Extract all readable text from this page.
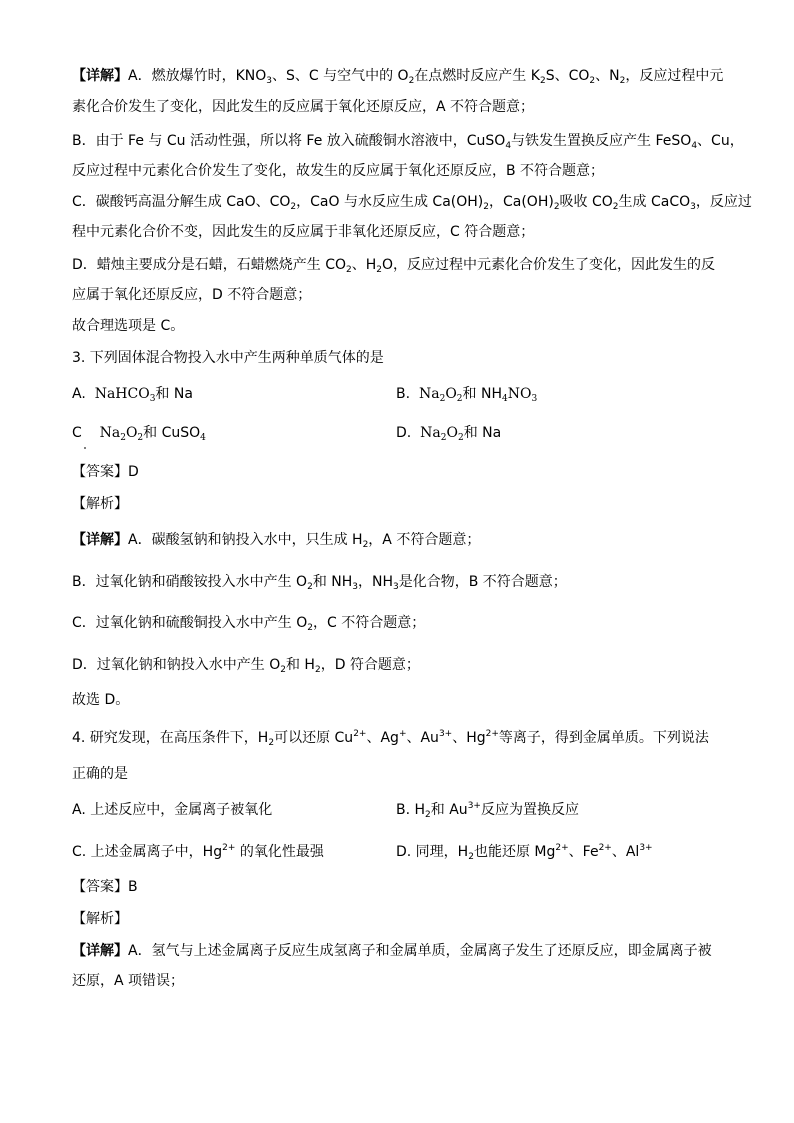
【详解】A．燃放爆竹时，$KNO_3$、S、C 与空气中的 $O_2$在点燃时反应产生 $K_2S$、$CO_2$、$N_2$，反应过程中元
素化合价发生了变化，因此发生的反应属于氧化还原反应，A 不符合题意；
B．由于 Fe 与 Cu 活动性强，所以将 Fe 放入硫酸铜水溶液中，CuSO$_4$与铁发生置换反应产生 FeSO$_4$、Cu，
反应过程中元素化合价发生了变化，故发生的反应属于氧化还原反应，B 不符合题意；
C．碳酸钙高温分解生成 CaO、$CO_2$，CaO 与水反应生成 $Ca(OH)_2$，$Ca(OH)_2$吸收 $CO_2$生成 CaCO$_3$，反应过
程中元素化合价不变，因此发生的反应属于非氧化还原反应，C 符合题意；
D．蜡烛主要成分是石蜡，石蜡燃烧产生 $CO_2$、$H_2O$，反应过程中元素化合价发生了变化，因此发生的反
应属于氧化还原反应，D 不符合题意；
故合理选项是 C。
3. 下列固体混合物投入水中产生两种单质气体的是
A. NaHCO$_3$和 Na	B. $Na_2O_2$和 $NH_4NO_3$
C $Na_2O_2$和 CuSO$_4$	D. $Na_2O_2$和 Na
【答案】D
【解析】
【详解】A．碳酸氢钠和钠投入水中，只生成 $H_2$，A 不符合题意；
B．过氧化钠和硝酸铵投入水中产生 $O_2$和 $NH_3$，$NH_3$是化合物，B 不符合题意；
C．过氧化钠和硫酸铜投入水中产生 $O_2$，C 不符合题意；
D．过氧化钠和钠投入水中产生 $O_2$和 $H_2$，D 符合题意；
故选 D。
4. 研究发现，在高压条件下，$H_2$可以还原 $Cu^{2+}$、Ag+、$Au^{3+}$、$Hg^{2+}$等离子，得到金属单质。下列说法
正确的是
A. 上述反应中，金属离子被氧化	B. $H_2$和 $Au^{3+}$反应为置换反应
C. 上述金属离子中，$Hg^{2+}$ 的氧化性最强	D. 同理，$H_2$也能还原 $Mg^{2+}$、$Fe^{2+}$、$Al^{3+}$
【答案】B
【解析】
【详解】A．氢气与上述金属离子反应生成氢离子和金属单质，金属离子发生了还原反应，即金属离子被
还原，A 项错误；
